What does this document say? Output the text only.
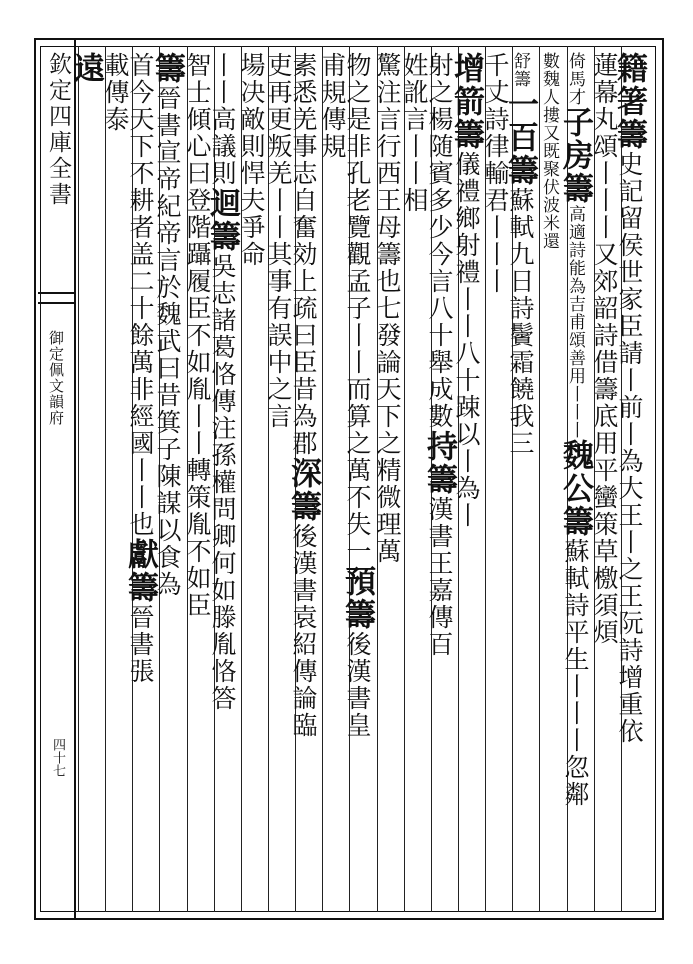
欽定四庫全書
御定佩文韻府
四十七
籍箸籌史記留侯世家臣請丨前丨為大王丨之王阮詩增重依
蓮幕丸頌丨丨丨又郊韶詩借籌底用平蠻策草檄須煩
倚馬才子房籌高適詩能為吉甫頌善用丨丨丨魏公籌蘇軾詩平生丨丨丨忽鄰
數魏人摟又既聚伏波米還
舒籌一百籌蘇軾九日詩鬢霜饒我三
千丈詩律輸君丨丨丨
增箭籌儀禮鄉射禮丨丨八十踈以丨為丨
射之楊随賓多少今言八十舉成數持籌漢書王嘉傳百
姓訛言丨丨相
驚注言行西王母籌也七發論天下之精微理萬
物之是非孔老覽觀孟子丨丨而算之萬不失一預籌後漢書皇
甫規傳規
素悉羌事志自奮効上疏曰臣昔為郡深籌後漢書袁紹傳論臨
吏再更叛羌丨丨其事有誤中之言
場决敵則悍夫爭命
丨丨高議則迴籌吳志諸葛恪傳注孫權問卿何如滕胤恪答
智士傾心曰登階躡履臣不如胤丨丨轉策胤不如臣
籌晉書宣帝紀帝言於魏武曰昔箕子陳謀以食為
首今天下不耕者盖二十餘萬非經國丨丨也獻籌晉書張
載傳泰
遠
